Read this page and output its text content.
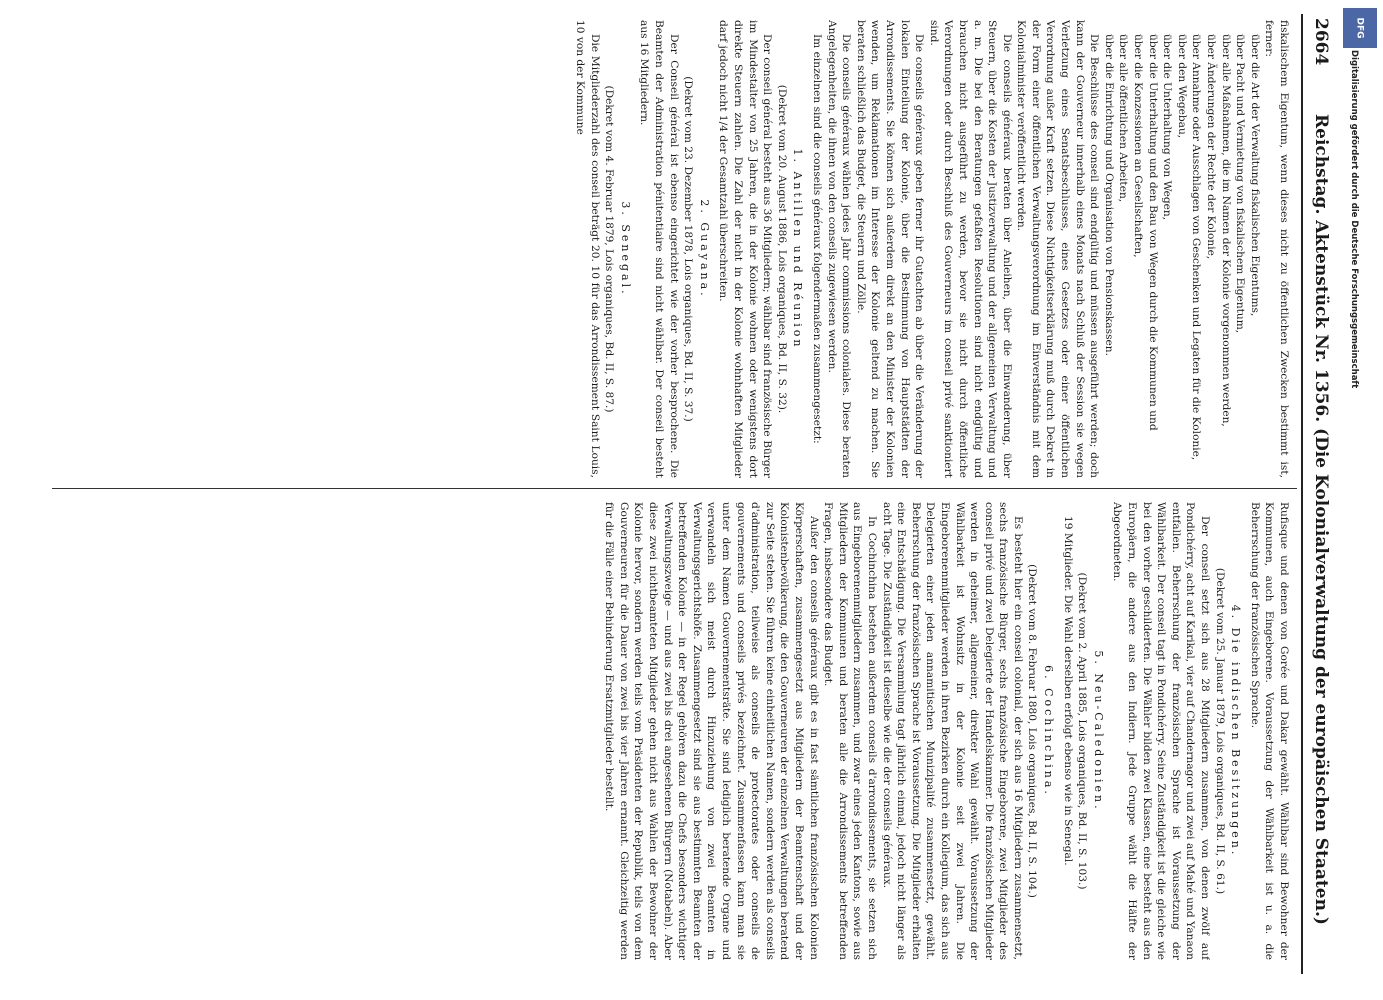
2664
Reichstag. Aktenstück Nr. 1356. (Die Kolonialverwaltung der europäischen Staaten.)

fiskalischem Eigentum, wenn dieses nicht zu öffentlichen Zwecken bestimmt ist, ferner:

über die Art der Verwaltung fiskalischen Eigentums,

über Pacht und Vermietung von fiskalischem Eigentum,

über alle Maßnahmen, die im Namen der Kolonie vorgenommen werden,

über Änderungen der Rechte der Kolonie,

über Annahme oder Ausschlagen von Geschenken und Legaten für die Kolonie,

über den Wegebau,

über die Unterhaltung von Wegen,

über die Unterhaltung und den Bau von Wegen durch die Kommunen und

über die Konzessionen an Gesellschaften,

über alle öffentlichen Arbeiten,

über die Einrichtung und Organisation von Pensionskassen.

Die Beschlüsse des conseil sind endgültig und müssen ausgeführt werden; doch kann der Gouverneur innerhalb eines Monats nach Schluß der Session sie wegen Verletzung eines Senatsbeschlusses, eines Gesetzes oder einer öffentlichen Verordnung außer Kraft setzen. Diese Nichtigkeitserklärung muß durch Dekret in der Form einer öffentlichen Verwaltungsverordnung im Einverständnis mit dem Kolonialminister veröffentlicht werden.

Die conseils généraux beraten über Anleihen, über die Einwanderung, über Steuern, über die Kosten der Justizverwaltung und der allgemeinen Verwaltung und a. m. Die bei den Beratungen gefaßten Resolutionen sind nicht endgültig und brauchen nicht ausgeführt zu werden, bevor sie nicht durch öffentliche Verordnungen oder durch Beschluß des Gouverneurs im conseil privé sanktioniert sind.

Die conseils généraux geben ferner ihr Gutachten ab über die Veränderung der lokalen Einteilung der Kolonie, über die Bestimmung von Hauptstädten der Arrondissements. Sie können sich außerdem direkt an den Minister der Kolonien wenden, um Reklamationen im Interesse der Kolonie geltend zu machen. Sie beraten schließlich das Budget, die Steuern und Zölle.

Die conseils généraux wählen jedes Jahr commissions coloniales. Diese beraten Angelegenheiten, die ihnen von den conseils zugewiesen werden.

Im einzelnen sind die conseils généraux folgendermaßen zusammengesetzt:

1. Antillen und Réunion

(Dekret vom 20. August 1886, Lois organiques, Bd. II, S. 32).

Der conseil général besteht aus 36 Mitgliedern; wählbar sind französische Bürger im Mindestalter von 25 Jahren, die in der Kolonie wohnen oder wenigstens dort direkte Steuern zahlen. Die Zahl der nicht in der Kolonie wohnhaften Mitglieder darf jedoch nicht 1/4 der Gesamtzahl überschreiten.

2. Guayana.

(Dekret vom 23. Dezember 1878, Lois organiques, Bd. II, S. 37.)

Der Conseil général ist ebenso eingerichtet wie der vorher besprochene. Die Beamten der Administration pénitentiaire sind nicht wählbar. Der conseil besteht aus 16 Mitgliedern.

3. Senegal.

(Dekret vom 4. Februar 1879, Lois organiques, Bd. II, S. 87.)

Die Mitgliederzahl des conseil beträgt 20. 10 für das Arrondissement Saint Louis, 10 von der Kommune

Rufisque und denen von Gorée und Dakar gewählt. Wählbar sind Bewohner der Kommunen, auch Eingeborene. Voraussetzung der Wählbarkeit ist u. a. die Beherrschung der französischen Sprache.

4. Die indischen Besitzungen.

(Dekret vom 25. Januar 1879, Lois organiques, Bd. II, S. 61.)

Der conseil setzt sich aus 28 Mitgliedern zusammen, von denen zwölf auf Pondichérry, acht auf Karikal, vier auf Chandernagor und zwei auf Mahé und Yanaon entfallen. Beherrschung der französischen Sprache ist Voraussetzung der Wählbarkeit. Der conseil tagt in Pondichérry. Seine Zuständigkeit ist die gleiche wie bei den vorher geschilderten. Die Wähler bilden zwei Klassen, eine besteht aus den Europäern, die andere aus den Indiern. Jede Gruppe wählt die Hälfte der Abgeordneten.

5. Neu-Caledonien.

(Dekret vom 2. April 1885, Lois organiques, Bd. II, S. 103.)

19 Mitglieder. Die Wahl derselben erfolgt ebenso wie in Senegal.

6. Cochinchina.

(Dekret vom 8. Februar 1880, Lois organiques, Bd. II, S. 104.)

Es besteht hier ein conseil colonial, der sich aus 16 Mitgliedern zusammensetzt, sechs französische Bürger, sechs französische Eingeborene, zwei Mitglieder des conseil privé und zwei Delegierte der Handelskammer. Die französischen Mitglieder werden in geheimer, allgemeiner, direkter Wahl gewählt. Voraussetzung der Wählbarkeit ist Wohnsitz in der Kolonie seit zwei Jahren. Die Eingeborenenmitglieder werden in ihren Bezirken durch ein Kollegium, das sich aus Delegierten einer jeden annamitischen Munizipalité zusammensetzt, gewählt. Beherrschung der französischen Sprache ist Voraussetzung. Die Mitglieder erhalten eine Entschädigung. Die Versammlung tagt jährlich einmal, jedoch nicht länger als acht Tage. Die Zuständigkeit ist dieselbe wie die der conseils généraux.

In Cochinchina bestehen außerdem conseils d'arrondissements, sie setzen sich aus Eingeborenenmitgliedern zusammen, und zwar eines jeden Kantons, sowie aus Mitgliedern der Kommunen und beraten alle die Arrondissements betreffenden Fragen, insbesondere das Budget.

Außer den conseils généraux gibt es in fast sämtlichen französischen Kolonien Körperschaften, zusammengesetzt aus Mitgliedern der Beamtenschaft und der Kolonistenbevölkerung, die den Gouverneuren der einzelnen Verwaltungen beratend zur Seite stehen. Sie führen keine einheitlichen Namen, sondern werden als conseils d'administration, teilweise als conseils de protectorates oder conseils de gouvernements und conseils privés bezeichnet. Zusammenfassen kann man sie unter dem Namen Gouvernementsräte. Sie sind lediglich beratende Organe und verwandeln sich meist durch Hinzuziehung von zwei Beamten in Verwaltungsgerichtshöfe. Zusammengesetzt sind sie aus bestimmten Beamten der betreffenden Kolonie — in der Regel gehören dazu die Chefs besonders wichtiger Verwaltungszweige — und aus zwei bis drei angesehenen Bürgern (Notabeln). Aber diese zwei nichtbeamteten Mitglieder gehen nicht aus Wahlen der Bewohner der Kolonie hervor, sondern werden teils vom Präsidenten der Republik, teils von dem Gouverneuren für die Dauer von zwei bis vier Jahren ernannt. Gleichzeitig werden für die Fälle einer Behinderung Ersatzmitglieder bestellt.

DFG
Digitalisierung gefördert durch die Deutsche Forschungsgemeinschaft
